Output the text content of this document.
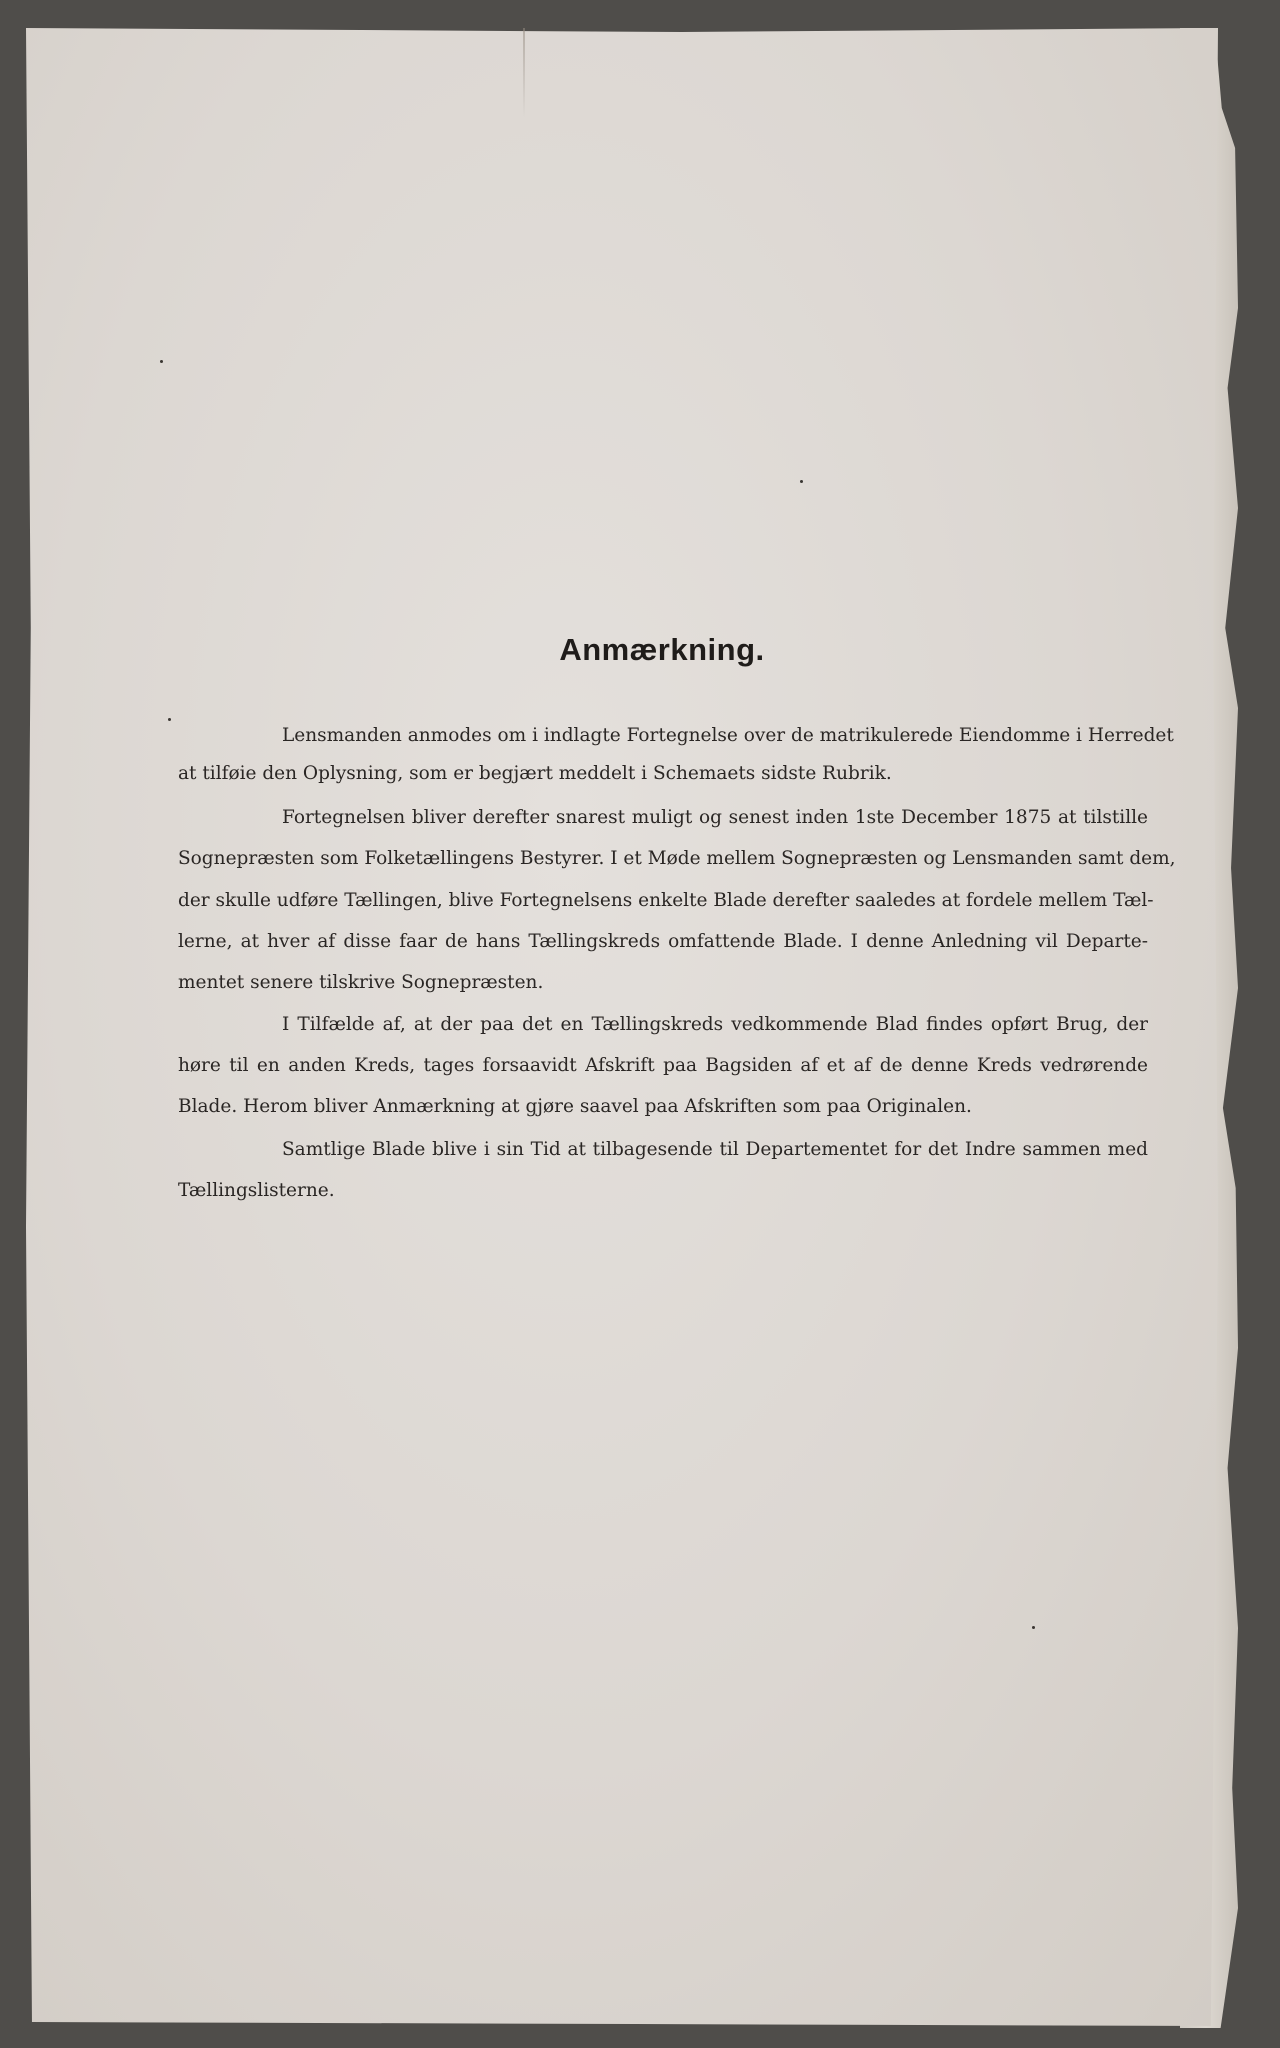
Anmærkning.
Lensmanden anmodes om i indlagte Fortegnelse over de matrikulerede Eiendomme i Herredet
at tilføie den Oplysning, som er begjært meddelt i Schemaets sidste Rubrik.
Fortegnelsen bliver derefter snarest muligt og senest inden 1ste December 1875 at tilstille
Sognepræsten som Folketællingens Bestyrer. I et Møde mellem Sognepræsten og Lensmanden samt dem,
der skulle udføre Tællingen, blive Fortegnelsens enkelte Blade derefter saaledes at fordele mellem Tæl-
lerne, at hver af disse faar de hans Tællingskreds omfattende Blade. I denne Anledning vil Departe-
mentet senere tilskrive Sognepræsten.
I Tilfælde af, at der paa det en Tællingskreds vedkommende Blad findes opført Brug, der
høre til en anden Kreds, tages forsaavidt Afskrift paa Bagsiden af et af de denne Kreds vedrørende
Blade. Herom bliver Anmærkning at gjøre saavel paa Afskriften som paa Originalen.
Samtlige Blade blive i sin Tid at tilbagesende til Departementet for det Indre sammen med
Tællingslisterne.
